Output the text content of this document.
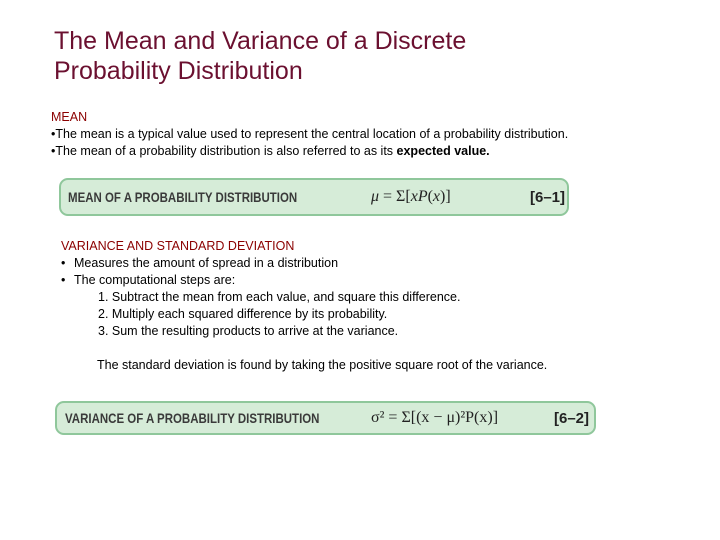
The Mean and Variance of a Discrete
Probability Distribution
MEAN
• The mean is a typical value used to represent the central location of a probability distribution.
• The mean of a probability distribution is also referred to as its expected value.
MEAN OF A PROBABILITY DISTRIBUTION	μ = Σ[xP(x)]	[6–1]
VARIANCE AND STANDARD DEVIATION
• Measures the amount of spread in a distribution
• The computational steps are:
1. Subtract the mean from each value, and square this difference.
2. Multiply each squared difference by its probability.
3. Sum the resulting products to arrive at the variance.
The standard deviation is found by taking the positive square root of the variance.
VARIANCE OF A PROBABILITY DISTRIBUTION	σ² = Σ[(x − μ)²P(x)]	[6–2]
